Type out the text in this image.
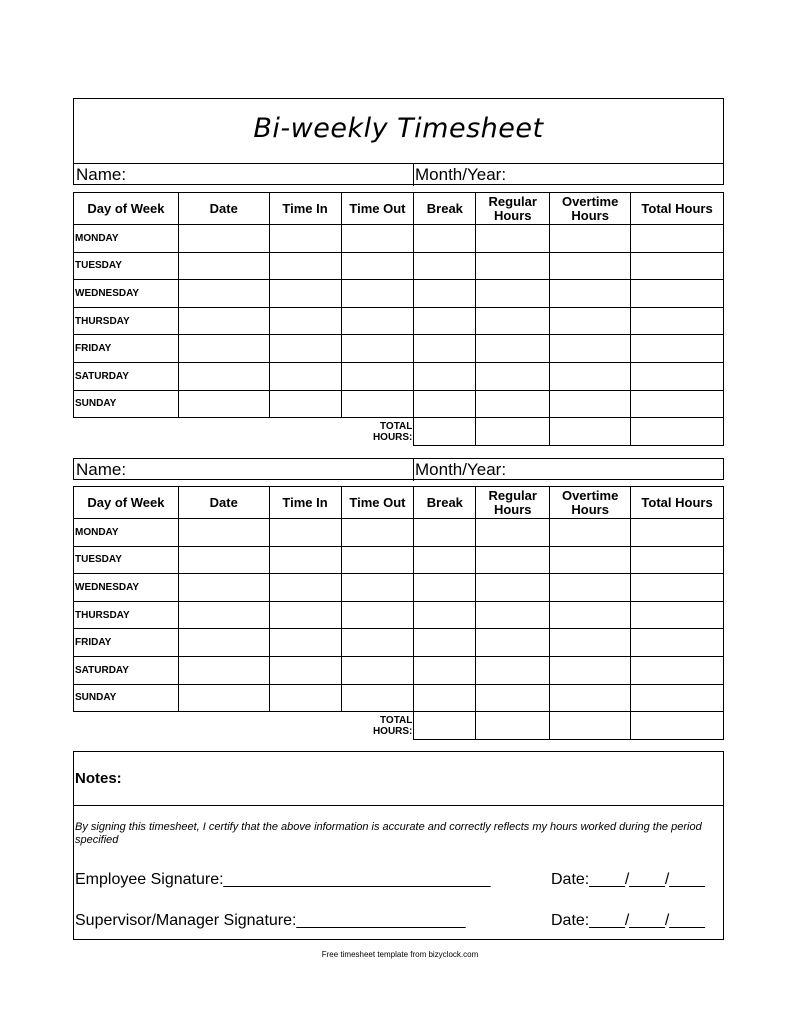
Bi-weekly Timesheet
Name:	Month/Year:
Day of Week	Date	Time In	Time Out	Break	Regular Hours	Overtime Hours	Total Hours
MONDAY							
TUESDAY							
WEDNESDAY							
THURSDAY							
FRIDAY							
SATURDAY							
SUNDAY							
			TOTAL HOURS:				
Name:	Month/Year:
Day of Week	Date	Time In	Time Out	Break	Regular Hours	Overtime Hours	Total Hours
MONDAY							
TUESDAY							
WEDNESDAY							
THURSDAY							
FRIDAY							
SATURDAY							
SUNDAY							
			TOTAL HOURS:				
Notes:
By signing this timesheet, I certify that the above information is accurate and correctly reflects my hours worked during the period specified
Employee Signature:______________________________	Date:____/____/____
Supervisor/Manager Signature:___________________	Date:____/____/____
Free timesheet template from bizyclock.com
